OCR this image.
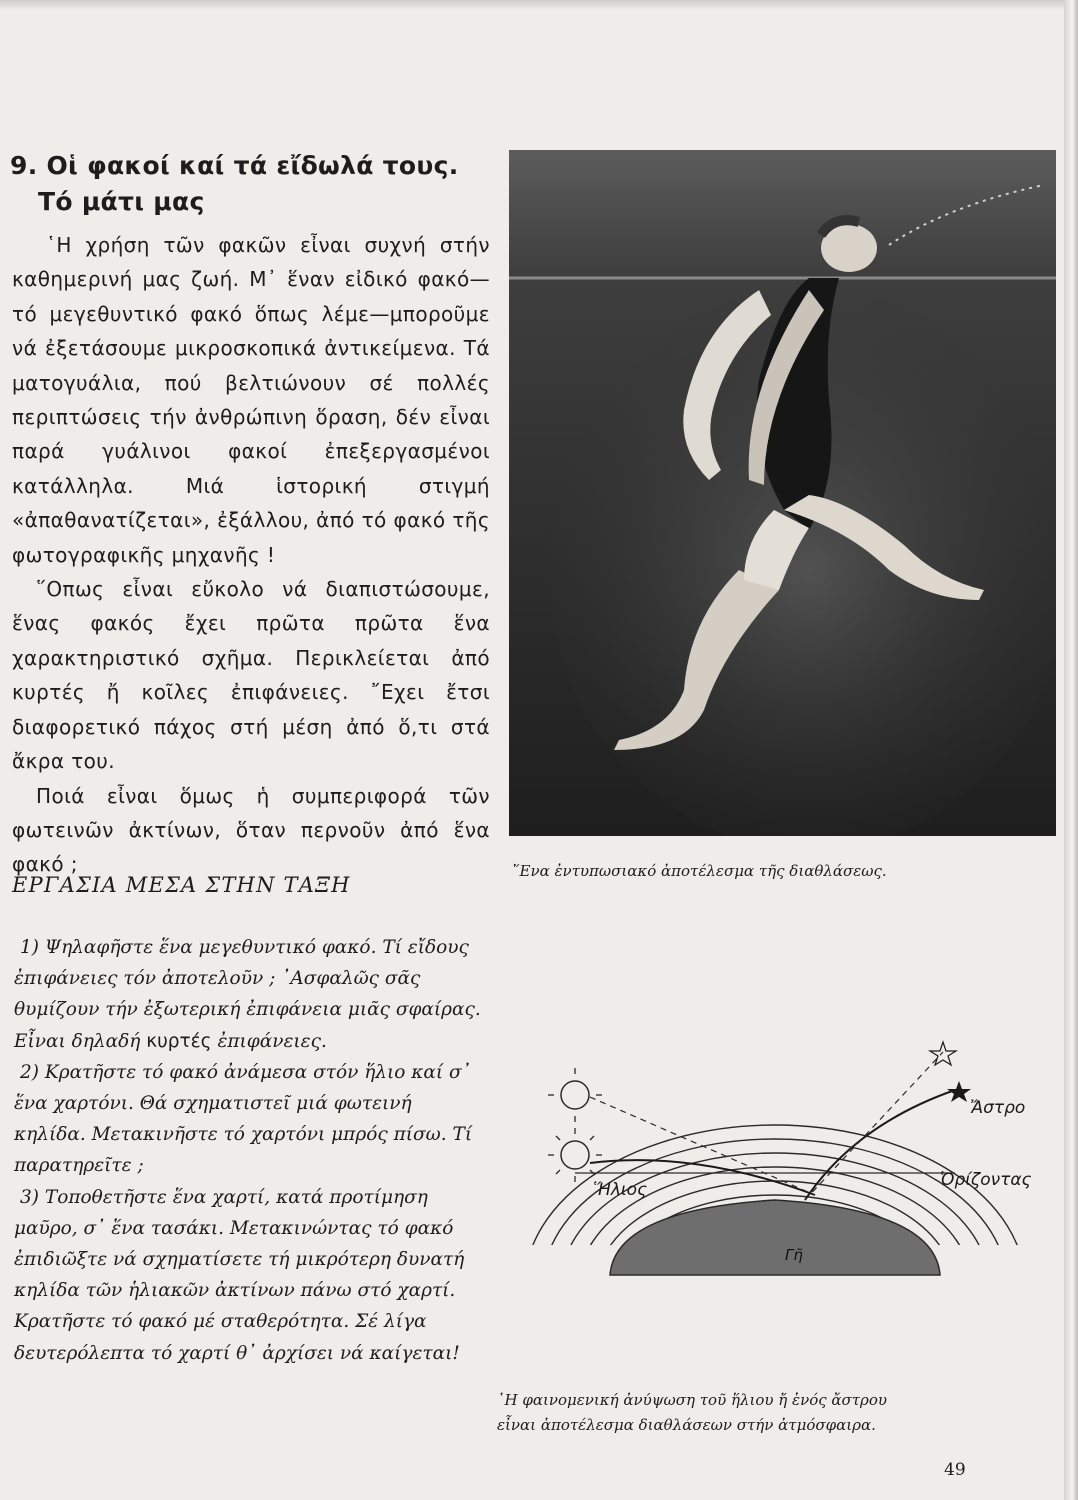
9. Οἱ φακοί καί τά εἴδωλά τους.
Τό μάτι μας

῾Η χρήση τῶν φακῶν εἶναι συχνή στήν καθημερινή μας ζωή. Μ᾿ ἕναν εἰδικό φακό— τό μεγεθυντικό φακό ὅπως λέμε—μποροῦμε νά ἐξετάσουμε μικροσκοπικά ἀντικείμενα. Τά ματογυάλια, πού βελτιώνουν σέ πολλές περιπτώσεις τήν ἀνθρώπινη ὅραση, δέν εἶναι παρά γυάλινοι φακοί ἐπεξεργασμένοι κατάλληλα. Μιά ἱστορική στιγμή «ἀπαθανατίζεται», ἐξάλλου, ἀπό τό φακό τῆς φωτογραφικῆς μηχανῆς !

῞Οπως εἶναι εὔκολο νά διαπιστώσουμε, ἕνας φακός ἔχει πρῶτα πρῶτα ἕνα χαρακτηριστικό σχῆμα. Περικλείεται ἀπό κυρτές ἤ κοῖλες ἐπιφάνειες. ῎Εχει ἔτσι διαφορετικό πάχος στή μέση ἀπό ὅ,τι στά ἄκρα του.

Ποιά εἶναι ὅμως ἡ συμπεριφορά τῶν φωτεινῶν ἀκτίνων, ὅταν περνοῦν ἀπό ἕνα φακό ;

ΕΡΓΑΣΙΑ ΜΕΣΑ ΣΤΗΝ ΤΑΞΗ

1) Ψηλαφῆστε ἕνα μεγεθυντικό φακό. Τί εἴδους ἐπιφάνειες τόν ἀποτελοῦν ; ᾿Ασφαλῶς σᾶς θυμίζουν τήν ἐξωτερική ἐπιφάνεια μιᾶς σφαίρας. Εἶναι δηλαδή κυρτές ἐπιφάνειες.

2) Κρατῆστε τό φακό ἀνάμεσα στόν ἥλιο καί σ᾿ ἕνα χαρτόνι. Θά σχηματιστεῖ μιά φωτεινή κηλίδα. Μετακινῆστε τό χαρτόνι μπρός πίσω. Τί παρατηρεῖτε ;

3) Τοποθετῆστε ἕνα χαρτί, κατά προτίμηση μαῦρο, σ᾿ ἕνα τασάκι. Μετακινώντας τό φακό ἐπιδιῶξτε νά σχηματίσετε τή μικρότερη δυνατή κηλίδα τῶν ἡλιακῶν ἀκτίνων πάνω στό χαρτί. Κρατῆστε τό φακό μέ σταθερότητα. Σέ λίγα δευτερόλεπτα τό χαρτί θ᾿ ἀρχίσει νά καίγεται!

῞Ενα ἐντυπωσιακό ἀποτέλεσμα τῆς διαθλάσεως.
Ἄστρο
Ὁρίζοντας
Ἥλιος
Γῆ
῾Η φαινομενική ἀνύψωση τοῦ ἥλιου ἤ ἑνός ἄστρου
εἶναι ἀποτέλεσμα διαθλάσεων στήν ἀτμόσφαιρα.
49
